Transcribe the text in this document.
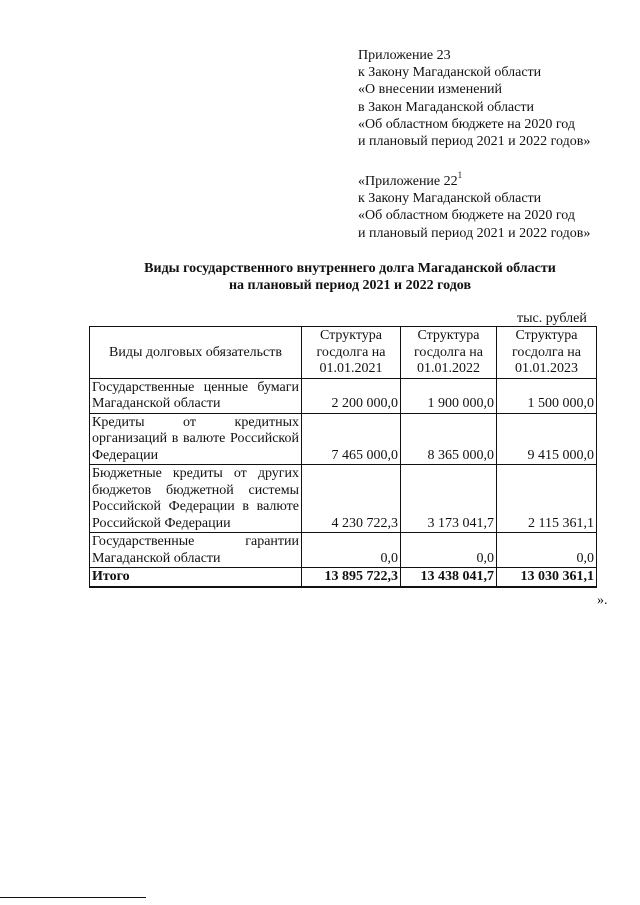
Приложение 23
к Закону Магаданской области
«О внесении изменений
в Закон Магаданской области
«Об областном бюджете на 2020 год
и плановый период 2021 и 2022 годов»
«Приложение $22^1$
к Закону Магаданской области
«Об областном бюджете на 2020 год
и плановый период 2021 и 2022 годов»
Виды государственного внутреннего долга Магаданской области
на плановый период 2021 и 2022 годов
тыс. рублей
Виды долговых обязательств	Структура госдолга на 01.01.2021	Структура госдолга на 01.01.2022	Структура госдолга на 01.01.2023
Государственные ценные бумаги Магаданской области	2 200 000,0	1 900 000,0	1 500 000,0
Кредиты от кредитных организаций в валюте Российской Федерации	7 465 000,0	8 365 000,0	9 415 000,0
Бюджетные кредиты от других бюджетов бюджетной системы Российской Федерации в валюте Российской Федерации	4 230 722,3	3 173 041,7	2 115 361,1
Государственные гарантии Магаданской области	0,0	0,0	0,0
Итого	13 895 722,3	13 438 041,7	13 030 361,1
».
